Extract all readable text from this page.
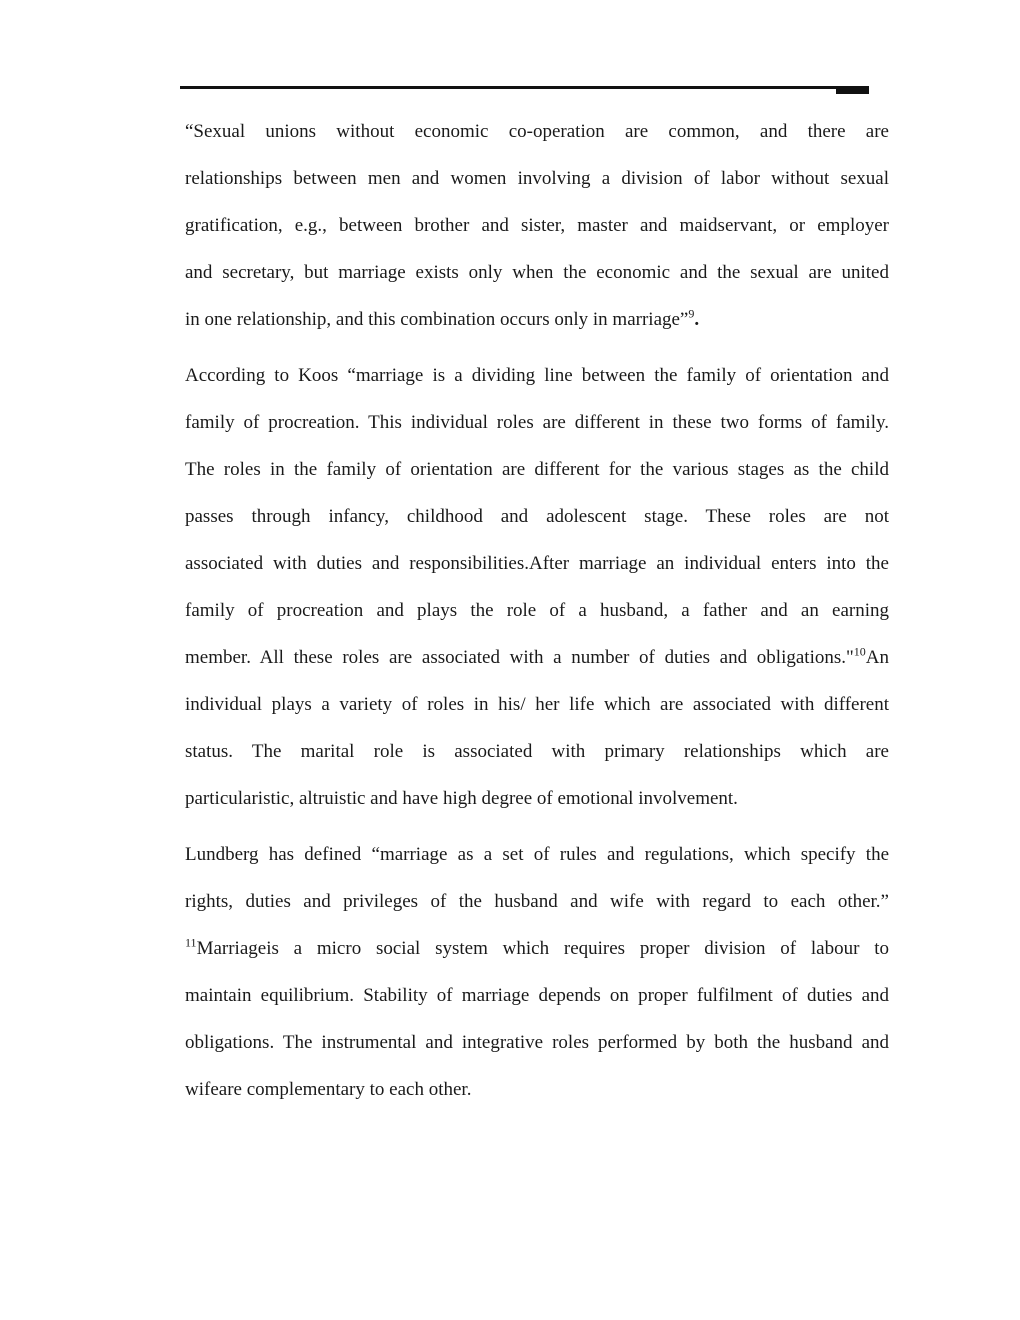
“Sexual unions without economic co-operation are common, and there are
relationships between men and women involving a division of labor without sexual
gratification, e.g., between brother and sister, master and maidservant, or employer
and secretary, but marriage exists only when the economic and the sexual are united
in one relationship, and this combination occurs only in marriage”$^9$.
According to Koos “marriage is a dividing line between the family of orientation and
family of procreation. This individual roles are different in these two forms of family.
The roles in the family of orientation are different for the various stages as the child
passes through infancy, childhood and adolescent stage. These roles are not
associated with duties and responsibilities.After marriage an individual enters into the
family of procreation and plays the role of a husband, a father and an earning
member. All these roles are associated with a number of duties and obligations."$^{10}$An
individual plays a variety of roles in his/ her life which are associated with different
status. The marital role is associated with primary relationships which are
particularistic, altruistic and have high degree of emotional involvement.
Lundberg has defined “marriage as a set of rules and regulations, which specify the
rights, duties and privileges of the husband and wife with regard to each other.”
$^{11}$Marriageis a micro social system which requires proper division of labour to
maintain equilibrium. Stability of marriage depends on proper fulfilment of duties and
obligations. The instrumental and integrative roles performed by both the husband and
wifeare complementary to each other.
